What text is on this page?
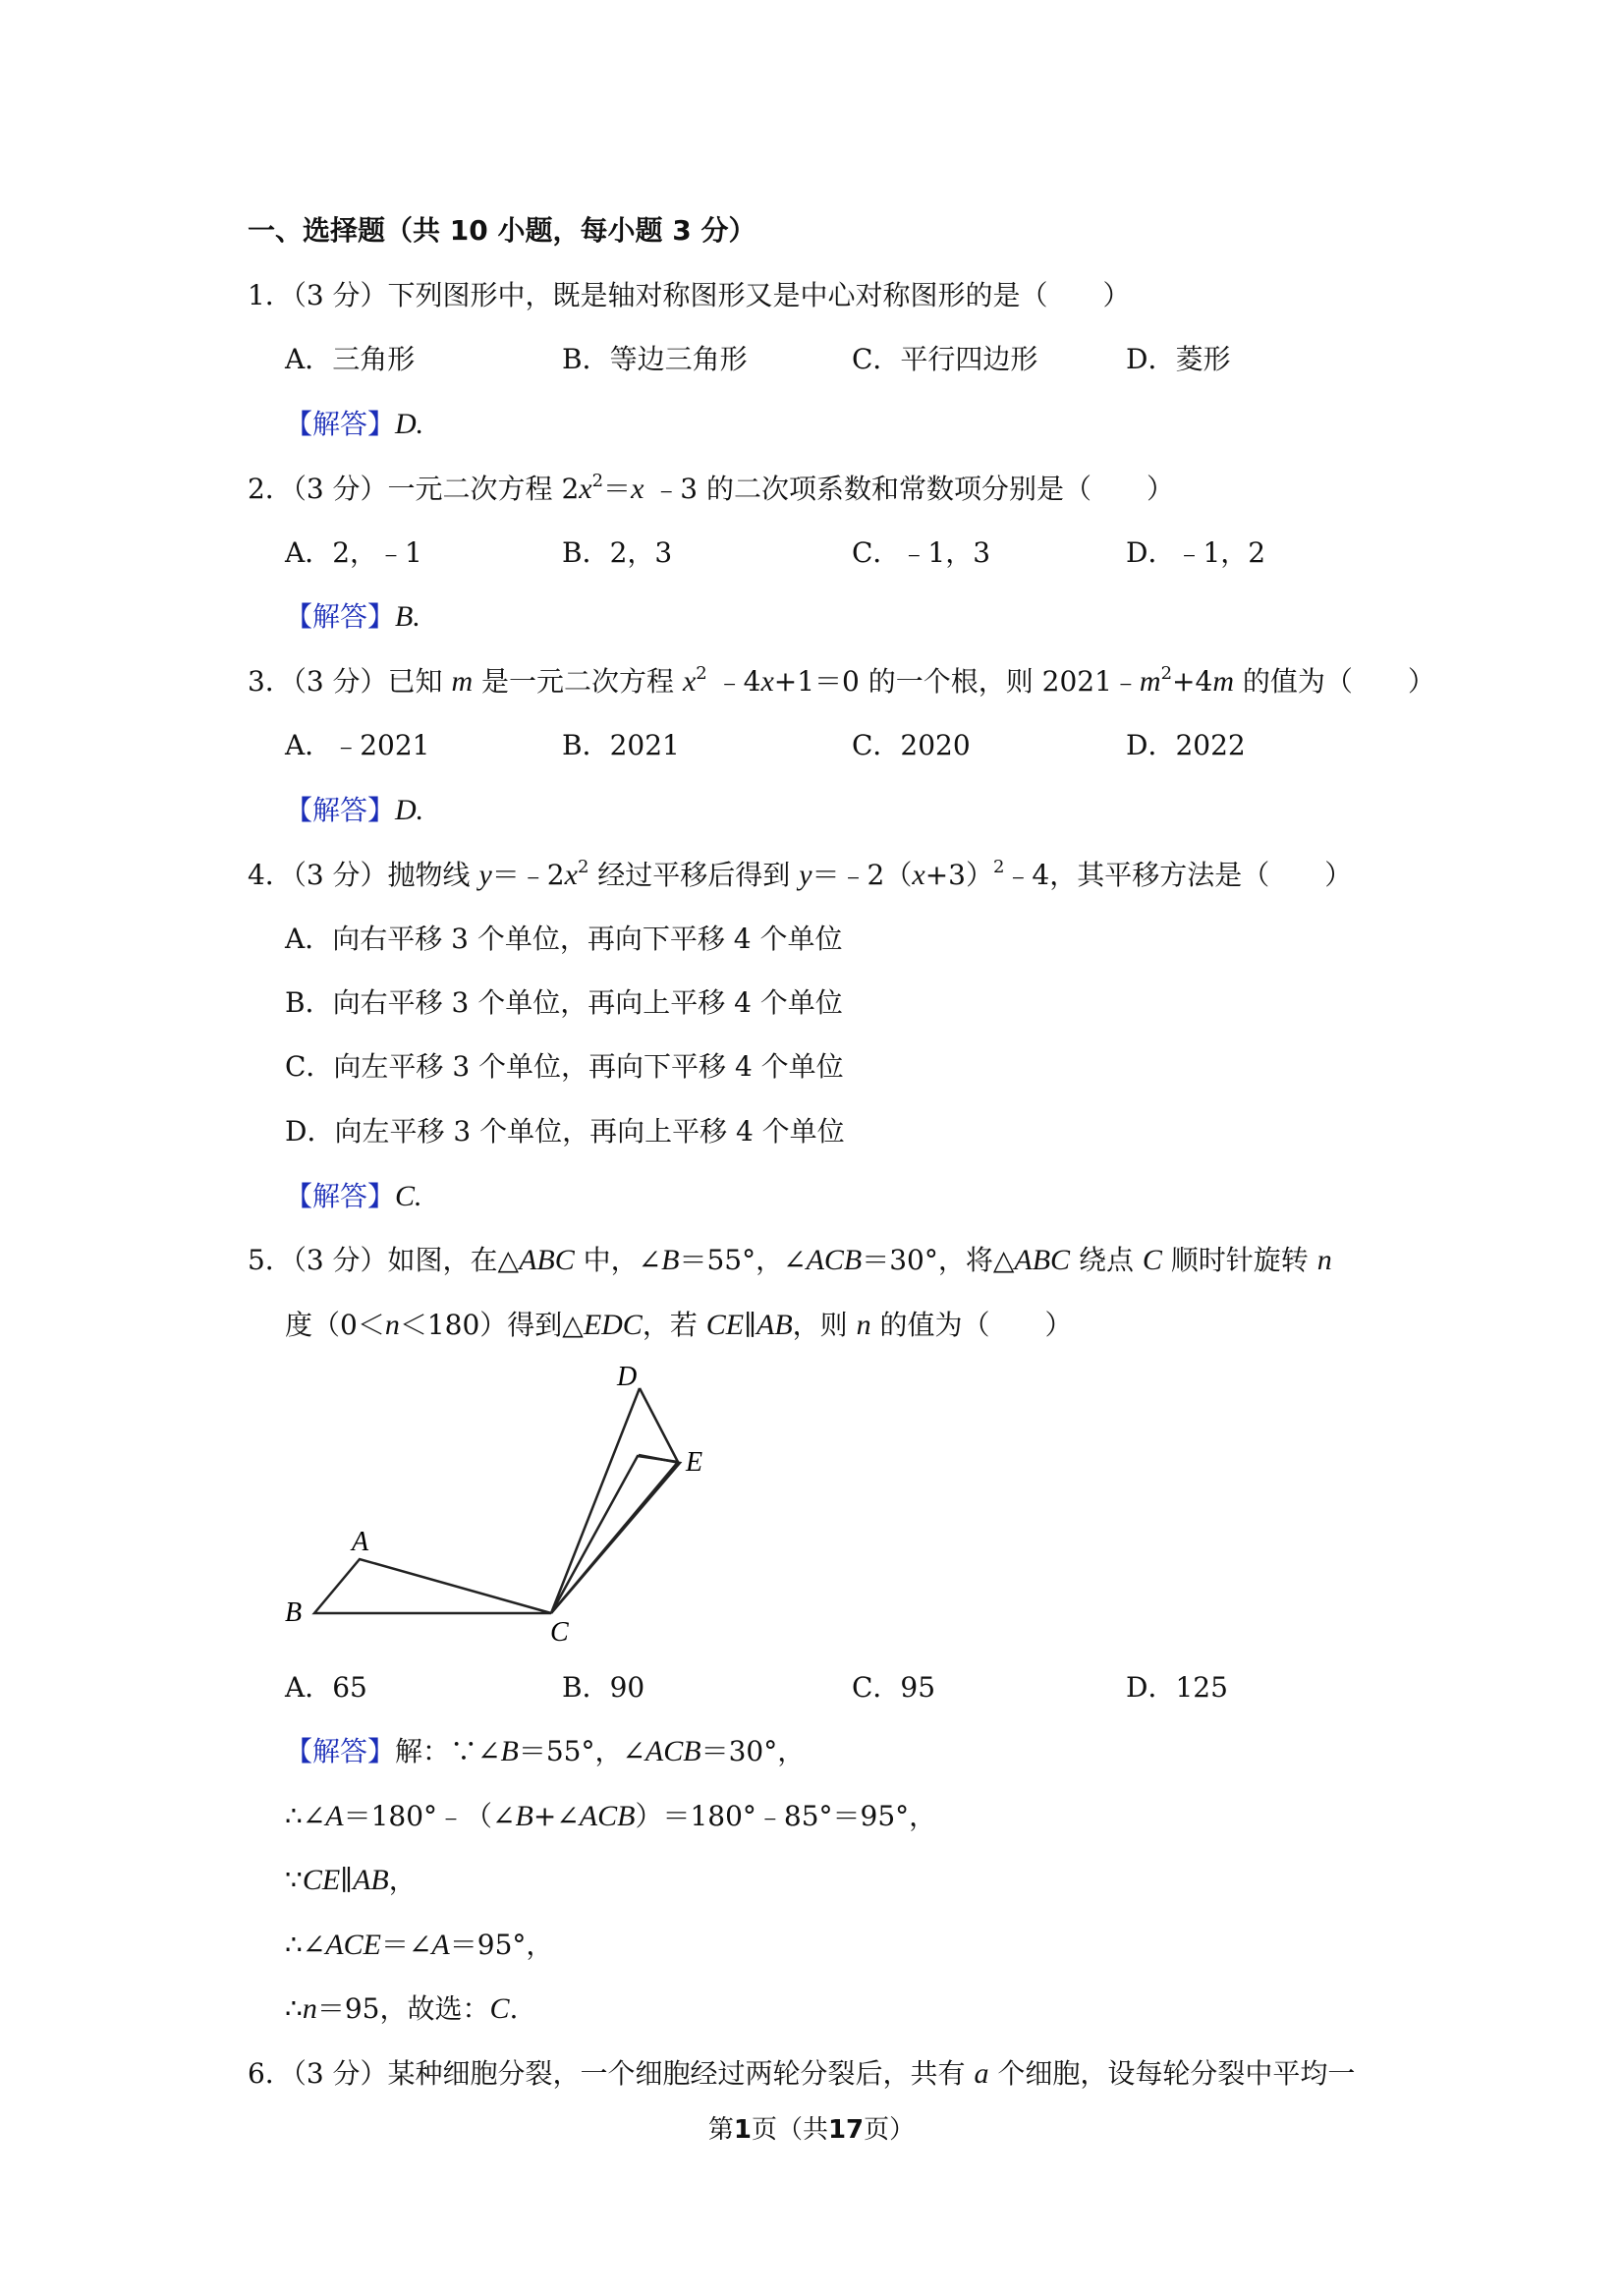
一、选择题（共 10 小题，每小题 3 分）
1．（3 分）下列图形中，既是轴对称图形又是中心对称图形的是（　　）
A．三角形	B．等边三角形	C．平行四边形	D．菱形
【解答】D.
2．（3 分）一元二次方程 $2x^2=x$ ﹣3 的二次项系数和常数项分别是（　　）
A．2，﹣1	B．2，3	C．﹣1，3	D．﹣1，2
【解答】B.
3．（3 分）已知 m 是一元二次方程 $x^2$ ﹣4x+1＝0 的一个根，则 $2021﹣m^2+4m$ 的值为（　　）
A．﹣2021	B．2021	C．2020	D．2022
【解答】D.
4．（3 分）抛物线 $y=﹣2x^2$ 经过平移后得到 $y=﹣2(x+3)^2﹣4$，其平移方法是（　　）
A．向右平移 3 个单位，再向下平移 4 个单位
B．向右平移 3 个单位，再向上平移 4 个单位
C．向左平移 3 个单位，再向下平移 4 个单位
D．向左平移 3 个单位，再向上平移 4 个单位
【解答】C.
5．（3 分）如图，在△ABC 中，∠B＝55°，∠ACB＝30°，将△ABC 绕点 C 顺时针旋转 n
度（0＜n＜180）得到△EDC，若 CE∥AB，则 n 的值为（　　）
A
B
C
D
E
A．65	B．90	C．95	D．125
【解答】解：∵∠B＝55°，∠ACB＝30°，
∴∠A＝180°﹣（∠B+∠ACB）＝180°﹣85°＝95°，
∵CE∥AB，
∴∠ACE＝∠A＝95°，
∴n＝95，故选：C.
6．（3 分）某种细胞分裂，一个细胞经过两轮分裂后，共有 a 个细胞，设每轮分裂中平均一
第1页（共17页）
